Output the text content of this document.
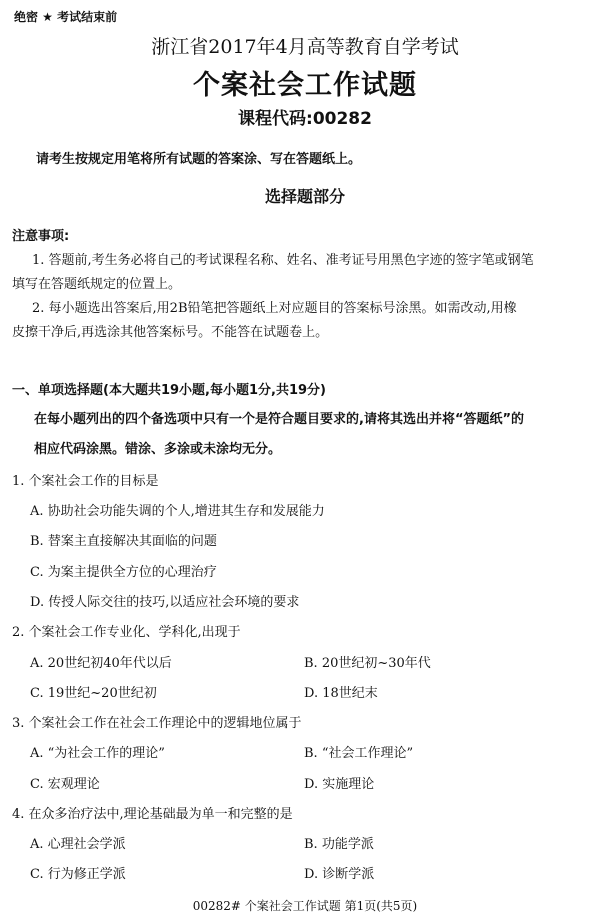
绝密 ★ 考试结束前
浙江省2017年4月高等教育自学考试
个案社会工作试题
课程代码:00282
请考生按规定用笔将所有试题的答案涂、写在答题纸上。
选择题部分
注意事项:
1. 答题前,考生务必将自己的考试课程名称、姓名、准考证号用黑色字迹的签字笔或钢笔
填写在答题纸规定的位置上。
2. 每小题选出答案后,用2B铅笔把答题纸上对应题目的答案标号涂黑。如需改动,用橡
皮擦干净后,再选涂其他答案标号。不能答在试题卷上。
一、单项选择题(本大题共19小题,每小题1分,共19分)
在每小题列出的四个备选项中只有一个是符合题目要求的,请将其选出并将“答题纸”的
相应代码涂黑。错涂、多涂或未涂均无分。
1. 个案社会工作的目标是
A. 协助社会功能失调的个人,增进其生存和发展能力
B. 替案主直接解决其面临的问题
C. 为案主提供全方位的心理治疗
D. 传授人际交往的技巧,以适应社会环境的要求
2. 个案社会工作专业化、学科化,出现于
A. 20世纪初40年代以后	B. 20世纪初~30年代
C. 19世纪~20世纪初	D. 18世纪末
3. 个案社会工作在社会工作理论中的逻辑地位属于
A. “为社会工作的理论”	B. “社会工作理论”
C. 宏观理论	D. 实施理论
4. 在众多治疗法中,理论基础最为单一和完整的是
A. 心理社会学派	B. 功能学派
C. 行为修正学派	D. 诊断学派
00282# 个案社会工作试题 第1页(共5页)
